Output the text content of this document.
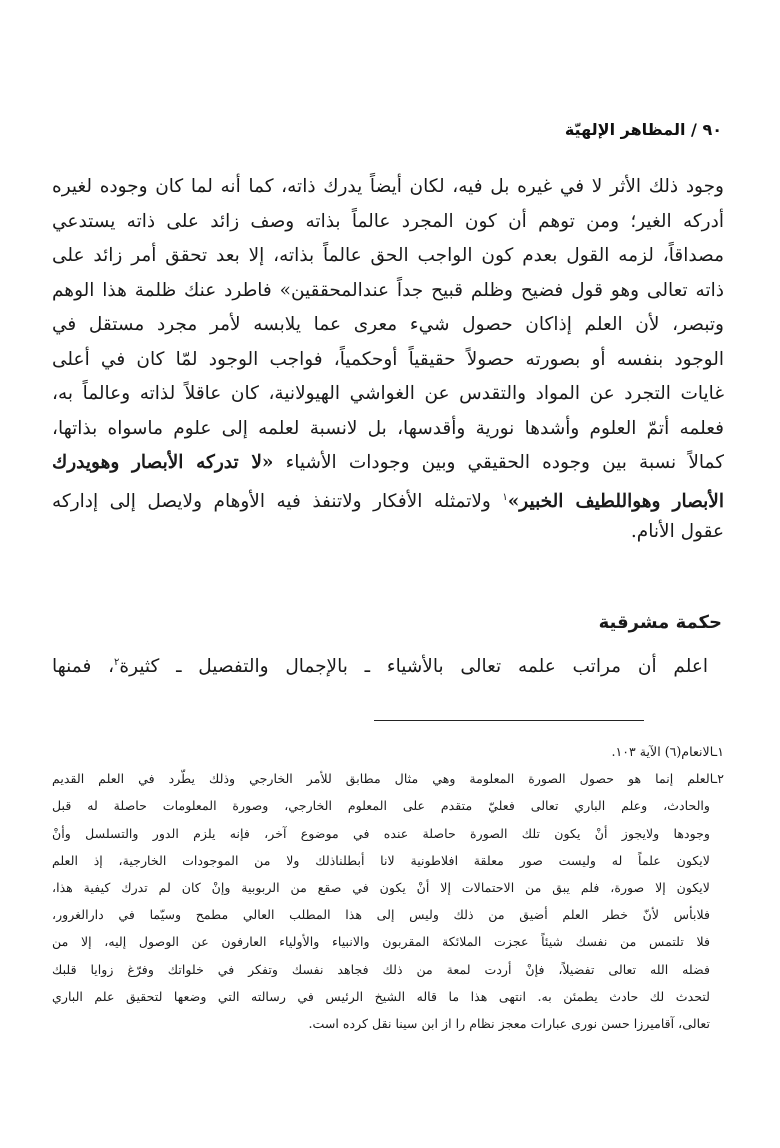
٩٠ / المظاهر الإلهيّة
وجود ذلك الأثر لا في غيره بل فيه، لكان أيضاً يدرك ذاته، كما أنه لما كان وجوده لغيره
أدركه الغير؛ ومن توهم أن كون المجرد عالماً بذاته وصف زائد على ذاته يستدعي
مصداقاً، لزمه القول بعدم كون الواجب الحق عالماً بذاته، إلا بعد تحقق أمر زائد على
ذاته تعالى وهو قول فضيح وظلم قبيح جداً عندالمحققين» فاطرد عنك ظلمة هذا الوهم
وتبصر، لأن العلم إذاكان حصول شيء معرى عما يلابسه لأمر مجرد مستقل في
الوجود بنفسه أو بصورته حصولاً حقيقياً أوحكمياً، فواجب الوجود لمّا كان في أعلى
غايات التجرد عن المواد والتقدس عن الغواشي الهيولانية، كان عاقلاً لذاته وعالماً به،
فعلمه أتمّ العلوم وأشدها نورية وأقدسها، بل لانسبة لعلمه إلى علوم ماسواه بذاتها،
كمالاً نسبة بين وجوده الحقيقي وبين وجودات الأشياء «لا تدركه الأبصار وهويدرك
الأبصار وهواللطيف الخبير»$^١$ ولاتمثله الأفكار ولاتنفذ فيه الأوهام ولايصل إلى إداركه
عقول الأنام.
حكمة مشرقية
اعلم أن مراتب علمه تعالى بالأشياء ـ بالإجمال والتفصيل ـ كثيرة$^٢$، فمنها
١ـالانعام(٦) الآية ١٠٣.
٢ـالعلم إنما هو حصول الصورة المعلومة وهي مثال مطابق للأمر الخارجي وذلك يطّرد في العلم القديم
والحادث، وعلم الباري تعالى فعليّ متقدم على المعلوم الخارجي، وصورة المعلومات حاصلة له قبل
وجودها ولايجوز أنْ يكون تلك الصورة حاصلة عنده في موضوع آخر، فإنه يلزم الدور والتسلسل وأنْ
لايكون علماً له وليست صور معلقة افلاطونية لانا أبطلناذلك ولا من الموجودات الخارجية، إذ العلم
لايكون إلا صورة، فلم يبق من الاحتمالات إلا أنْ يكون في صقع من الربوبية وإنْ كان لم تدرك كيفية هذا،
فلابأس لأنّ خطر العلم أضيق من ذلك وليس إلى هذا المطلب العالي مطمح وسيّما في دارالغرور،
فلا تلتمس من نفسك شيئاً عجزت الملائكة المقربون والانبياء والأولياء العارفون عن الوصول إليه، إلا من
فضله الله تعالى تفضيلاً، فإنْ أردت لمعة من ذلك فجاهد نفسك وتفكر في خلواتك وفرّغ زوايا قلبك
لتحدث لك حادث يطمئن به. انتهى هذا ما قاله الشيخ الرئيس في رسالته التي وضعها لتحقيق علم الباري
تعالى، آقاميرزا حسن نوری عبارات معجز نظام را از ابن سینا نقل کرده است.
